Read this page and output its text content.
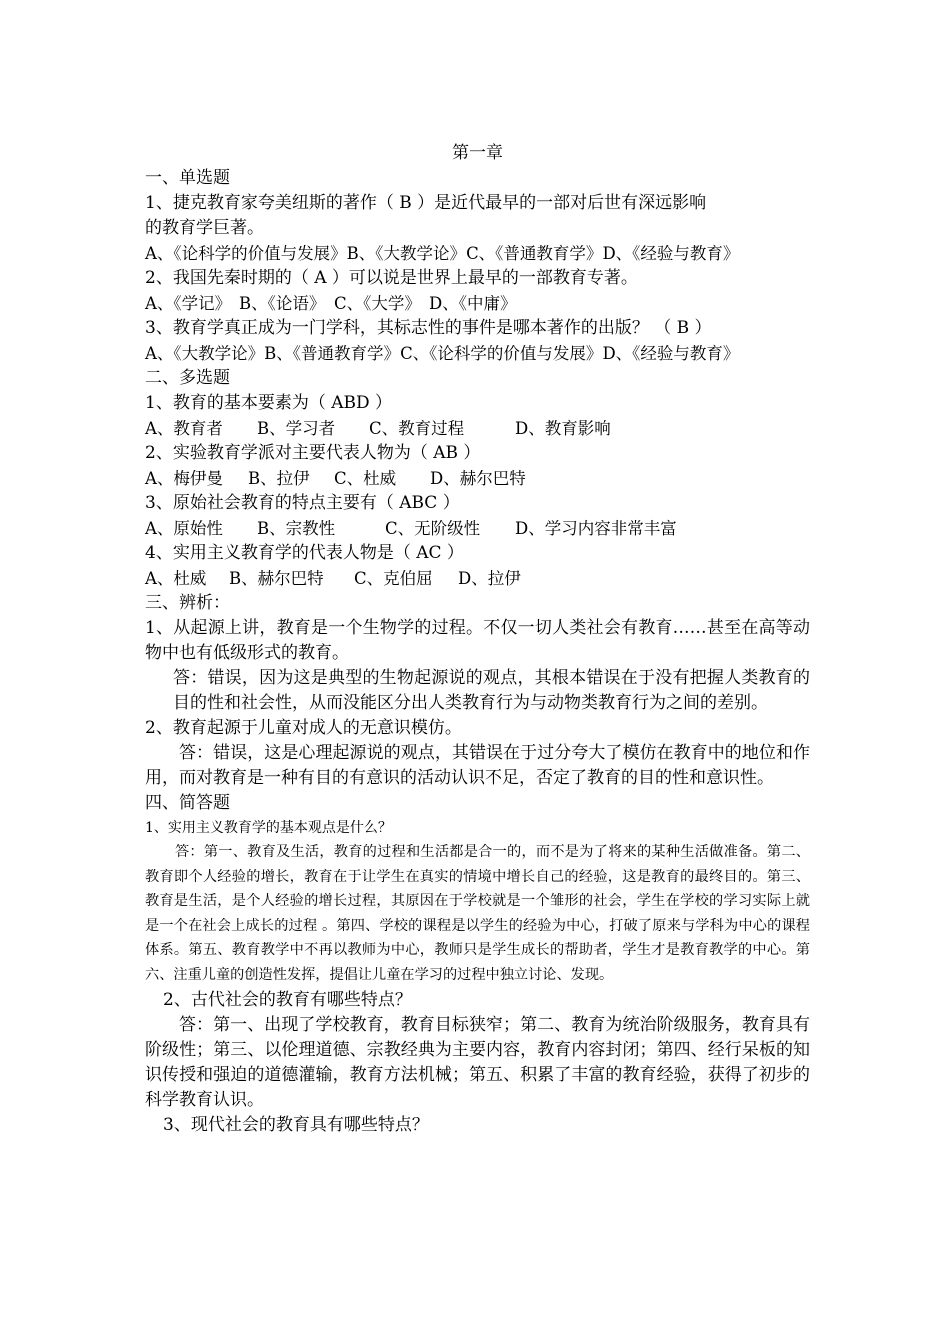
第一章
一、单选题
1、捷克教育家夸美纽斯的著作（ B ）是近代最早的一部对后世有深远影响
的教育学巨著。
A、《论科学的价值与发展》 B、《大教学论》 C、《普通教育学》 D、《经验与教育》
2、我国先秦时期的（ A ）可以说是世界上最早的一部教育专著。
A、《学记》 B、《论语》 C、《大学》 D、《中庸》
3、教育学真正成为一门学科，其标志性的事件是哪本著作的出版？ （ B ）
A、《大教学论》 B、《普通教育学》 C、《论科学的价值与发展》 D、《经验与教育》
二、多选题
1、教育的基本要素为（ ABD ）
A、教育者	B、学习者	C、教育过程	D、教育影响
2、实验教育学派对主要代表人物为（ AB ）
A、梅伊曼	B、拉伊	C、杜威	D、赫尔巴特
3、原始社会教育的特点主要有（ ABC ）
A、原始性	B、宗教性	C、无阶级性	D、学习内容非常丰富
4、实用主义教育学的代表人物是（ AC ）
A、杜威	B、赫尔巴特	C、克伯屈	D、拉伊
三、辨析：
1、从起源上讲，教育是一个生物学的过程。不仅一切人类社会有教育……甚至在高等动物中也有低级形式的教育。
答：错误，因为这是典型的生物起源说的观点，其根本错误在于没有把握人类教育的目的性和社会性，从而没能区分出人类教育行为与动物类教育行为之间的差别。
2、教育起源于儿童对成人的无意识模仿。
答：错误，这是心理起源说的观点，其错误在于过分夸大了模仿在教育中的地位和作用，而对教育是一种有目的有意识的活动认识不足，否定了教育的目的性和意识性。
四、简答题
1、实用主义教育学的基本观点是什么？
答：第一、教育及生活，教育的过程和生活都是合一的，而不是为了将来的某种生活做准备。第二、教育即个人经验的增长，教育在于让学生在真实的情境中增长自己的经验，这是教育的最终目的。第三、教育是生活，是个人经验的增长过程，其原因在于学校就是一个雏形的社会，学生在学校的学习实际上就是一个在社会上成长的过程 。第四、学校的课程是以学生的经验为中心，打破了原来与学科为中心的课程体系。第五、教育教学中不再以教师为中心，教师只是学生成长的帮助者，学生才是教育教学的中心。第六、注重儿童的创造性发挥，提倡让儿童在学习的过程中独立讨论、发现。
2、古代社会的教育有哪些特点？
答：第一、出现了学校教育，教育目标狭窄；第二、教育为统治阶级服务，教育具有阶级性；第三、以伦理道德、宗教经典为主要内容，教育内容封闭；第四、经行呆板的知识传授和强迫的道德灌输，教育方法机械；第五、积累了丰富的教育经验，获得了初步的科学教育认识。
3、现代社会的教育具有哪些特点？
